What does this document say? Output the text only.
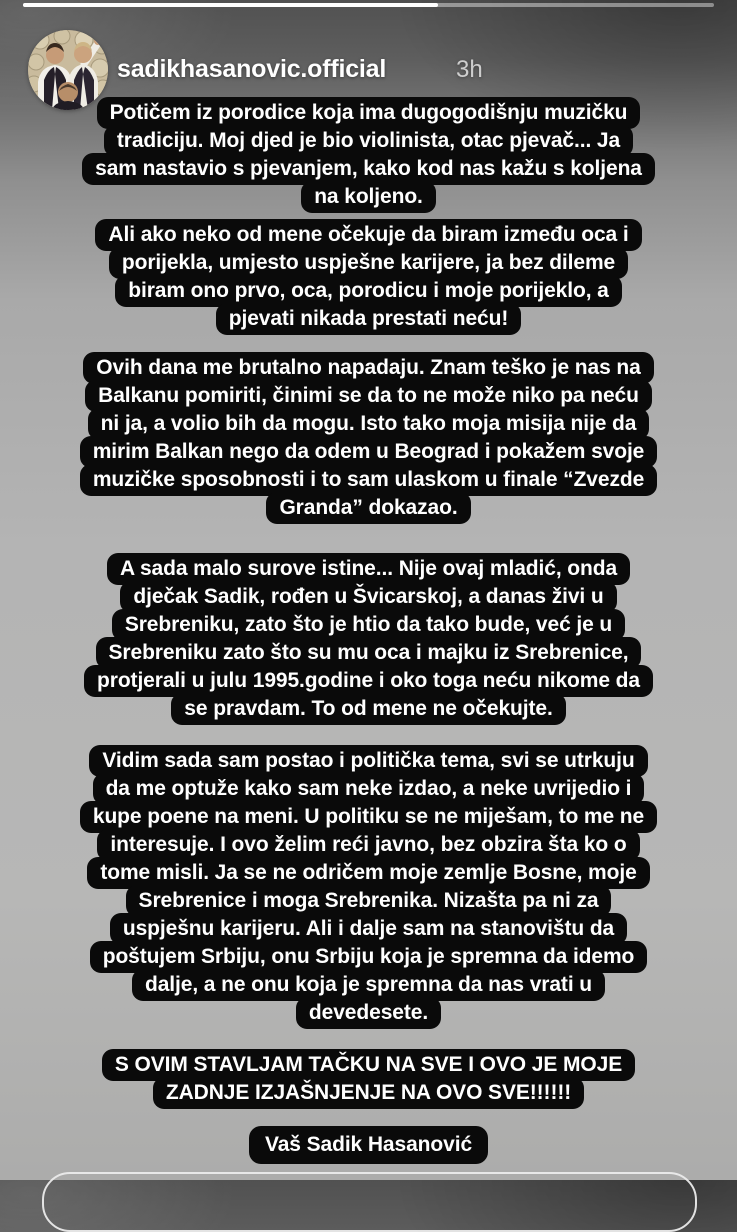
sadikhasanovic.official	3h
Potičem iz porodice koja ima dugogodišnju muzičku
tradiciju. Moj djed je bio violinista, otac pjevač... Ja
sam nastavio s pjevanjem, kako kod nas kažu s koljena
na koljeno.
Ali ako neko od mene očekuje da biram između oca i
porijekla, umjesto uspješne karijere, ja bez dileme
biram ono prvo, oca, porodicu i moje porijeklo, a
pjevati nikada prestati neću!
Ovih dana me brutalno napadaju. Znam teško je nas na
Balkanu pomiriti, činimi se da to ne može niko pa neću
ni ja, a volio bih da mogu. Isto tako moja misija nije da
mirim Balkan nego da odem u Beograd i pokažem svoje
muzičke sposobnosti i to sam ulaskom u finale “Zvezde
Granda” dokazao.
A sada malo surove istine... Nije ovaj mladić, onda
dječak Sadik, rođen u Švicarskoj, a danas živi u
Srebreniku, zato što je htio da tako bude, već je u
Srebreniku zato što su mu oca i majku iz Srebrenice,
protjerali u julu 1995.godine i oko toga neću nikome da
se pravdam. To od mene ne očekujte.
Vidim sada sam postao i politička tema, svi se utrkuju
da me optuže kako sam neke izdao, a neke uvrijedio i
kupe poene na meni. U politiku se ne miješam, to me ne
interesuje. I ovo želim reći javno, bez obzira šta ko o
tome misli. Ja se ne odričem moje zemlje Bosne, moje
Srebrenice i moga Srebrenika. Nizašta pa ni za
uspješnu karijeru. Ali i dalje sam na stanovištu da
poštujem Srbiju, onu Srbiju koja je spremna da idemo
dalje, a ne onu koja je spremna da nas vrati u
devedesete.
S OVIM STAVLJAM TAČKU NA SVE I OVO JE MOJE
ZADNJE IZJAŠNJENJE NA OVO SVE!!!!!!
Vaš Sadik Hasanović
